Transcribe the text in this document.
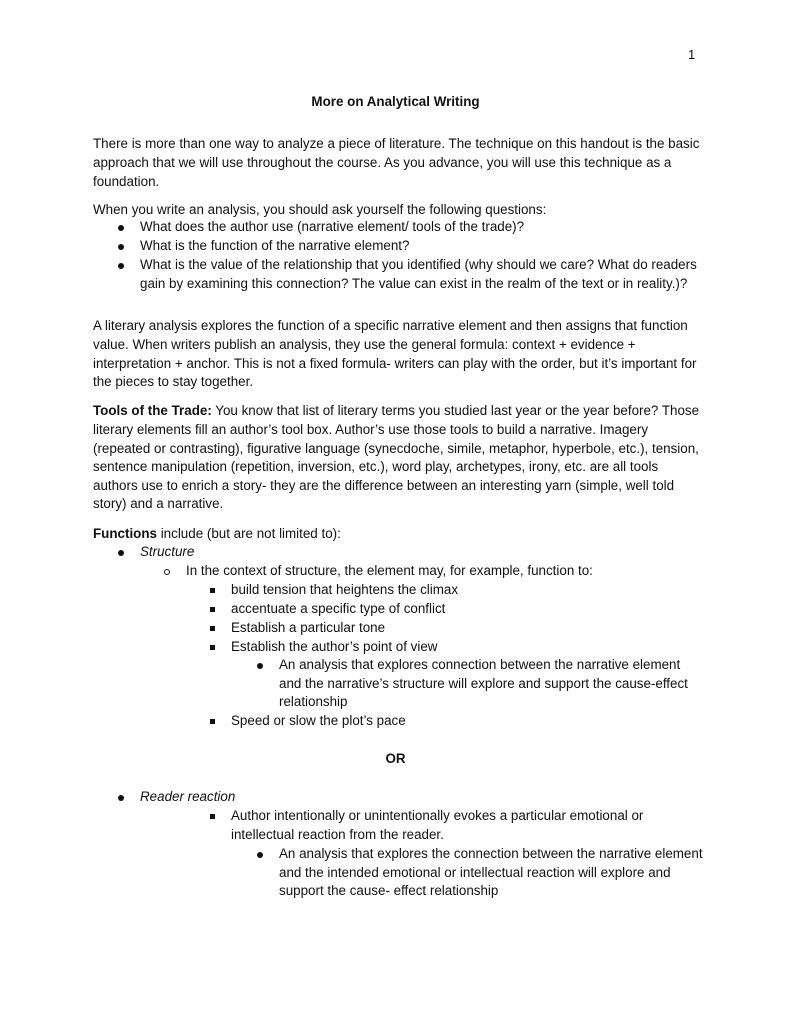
1
More on Analytical Writing

There is more than one way to analyze a piece of literature. The technique on this handout is the basic approach that we will use throughout the course. As you advance, you will use this technique as a foundation.

When you write an analysis, you should ask yourself the following questions:

What does the author use (narrative element/ tools of the trade)?
What is the function of the narrative element?
What is the value of the relationship that you identified (why should we care? What do readers gain by examining this connection? The value can exist in the realm of the text or in reality.)?

A literary analysis explores the function of a specific narrative element and then assigns that function value. When writers publish an analysis, they use the general formula: context + evidence + interpretation + anchor. This is not a fixed formula- writers can play with the order, but it’s important for the pieces to stay together.

Tools of the Trade: You know that list of literary terms you studied last year or the year before? Those literary elements fill an author’s tool box. Author’s use those tools to build a narrative. Imagery (repeated or contrasting), figurative language (synecdoche, simile, metaphor, hyperbole, etc.), tension, sentence manipulation (repetition, inversion, etc.), word play, archetypes, irony, etc. are all tools authors use to enrich a story- they are the difference between an interesting yarn (simple, well told story) and a narrative.

Functions include (but are not limited to):

Structure
In the context of structure, the element may, for example, function to:
build tension that heightens the climax
accentuate a specific type of conflict
Establish a particular tone
Establish the author’s point of view
An analysis that explores connection between the narrative element and the narrative’s structure will explore and support the cause-effect relationship
Speed or slow the plot’s pace
OR
Reader reaction
Author intentionally or unintentionally evokes a particular emotional or intellectual reaction from the reader.
An analysis that explores the connection between the narrative element and the intended emotional or intellectual reaction will explore and support the cause- effect relationship
